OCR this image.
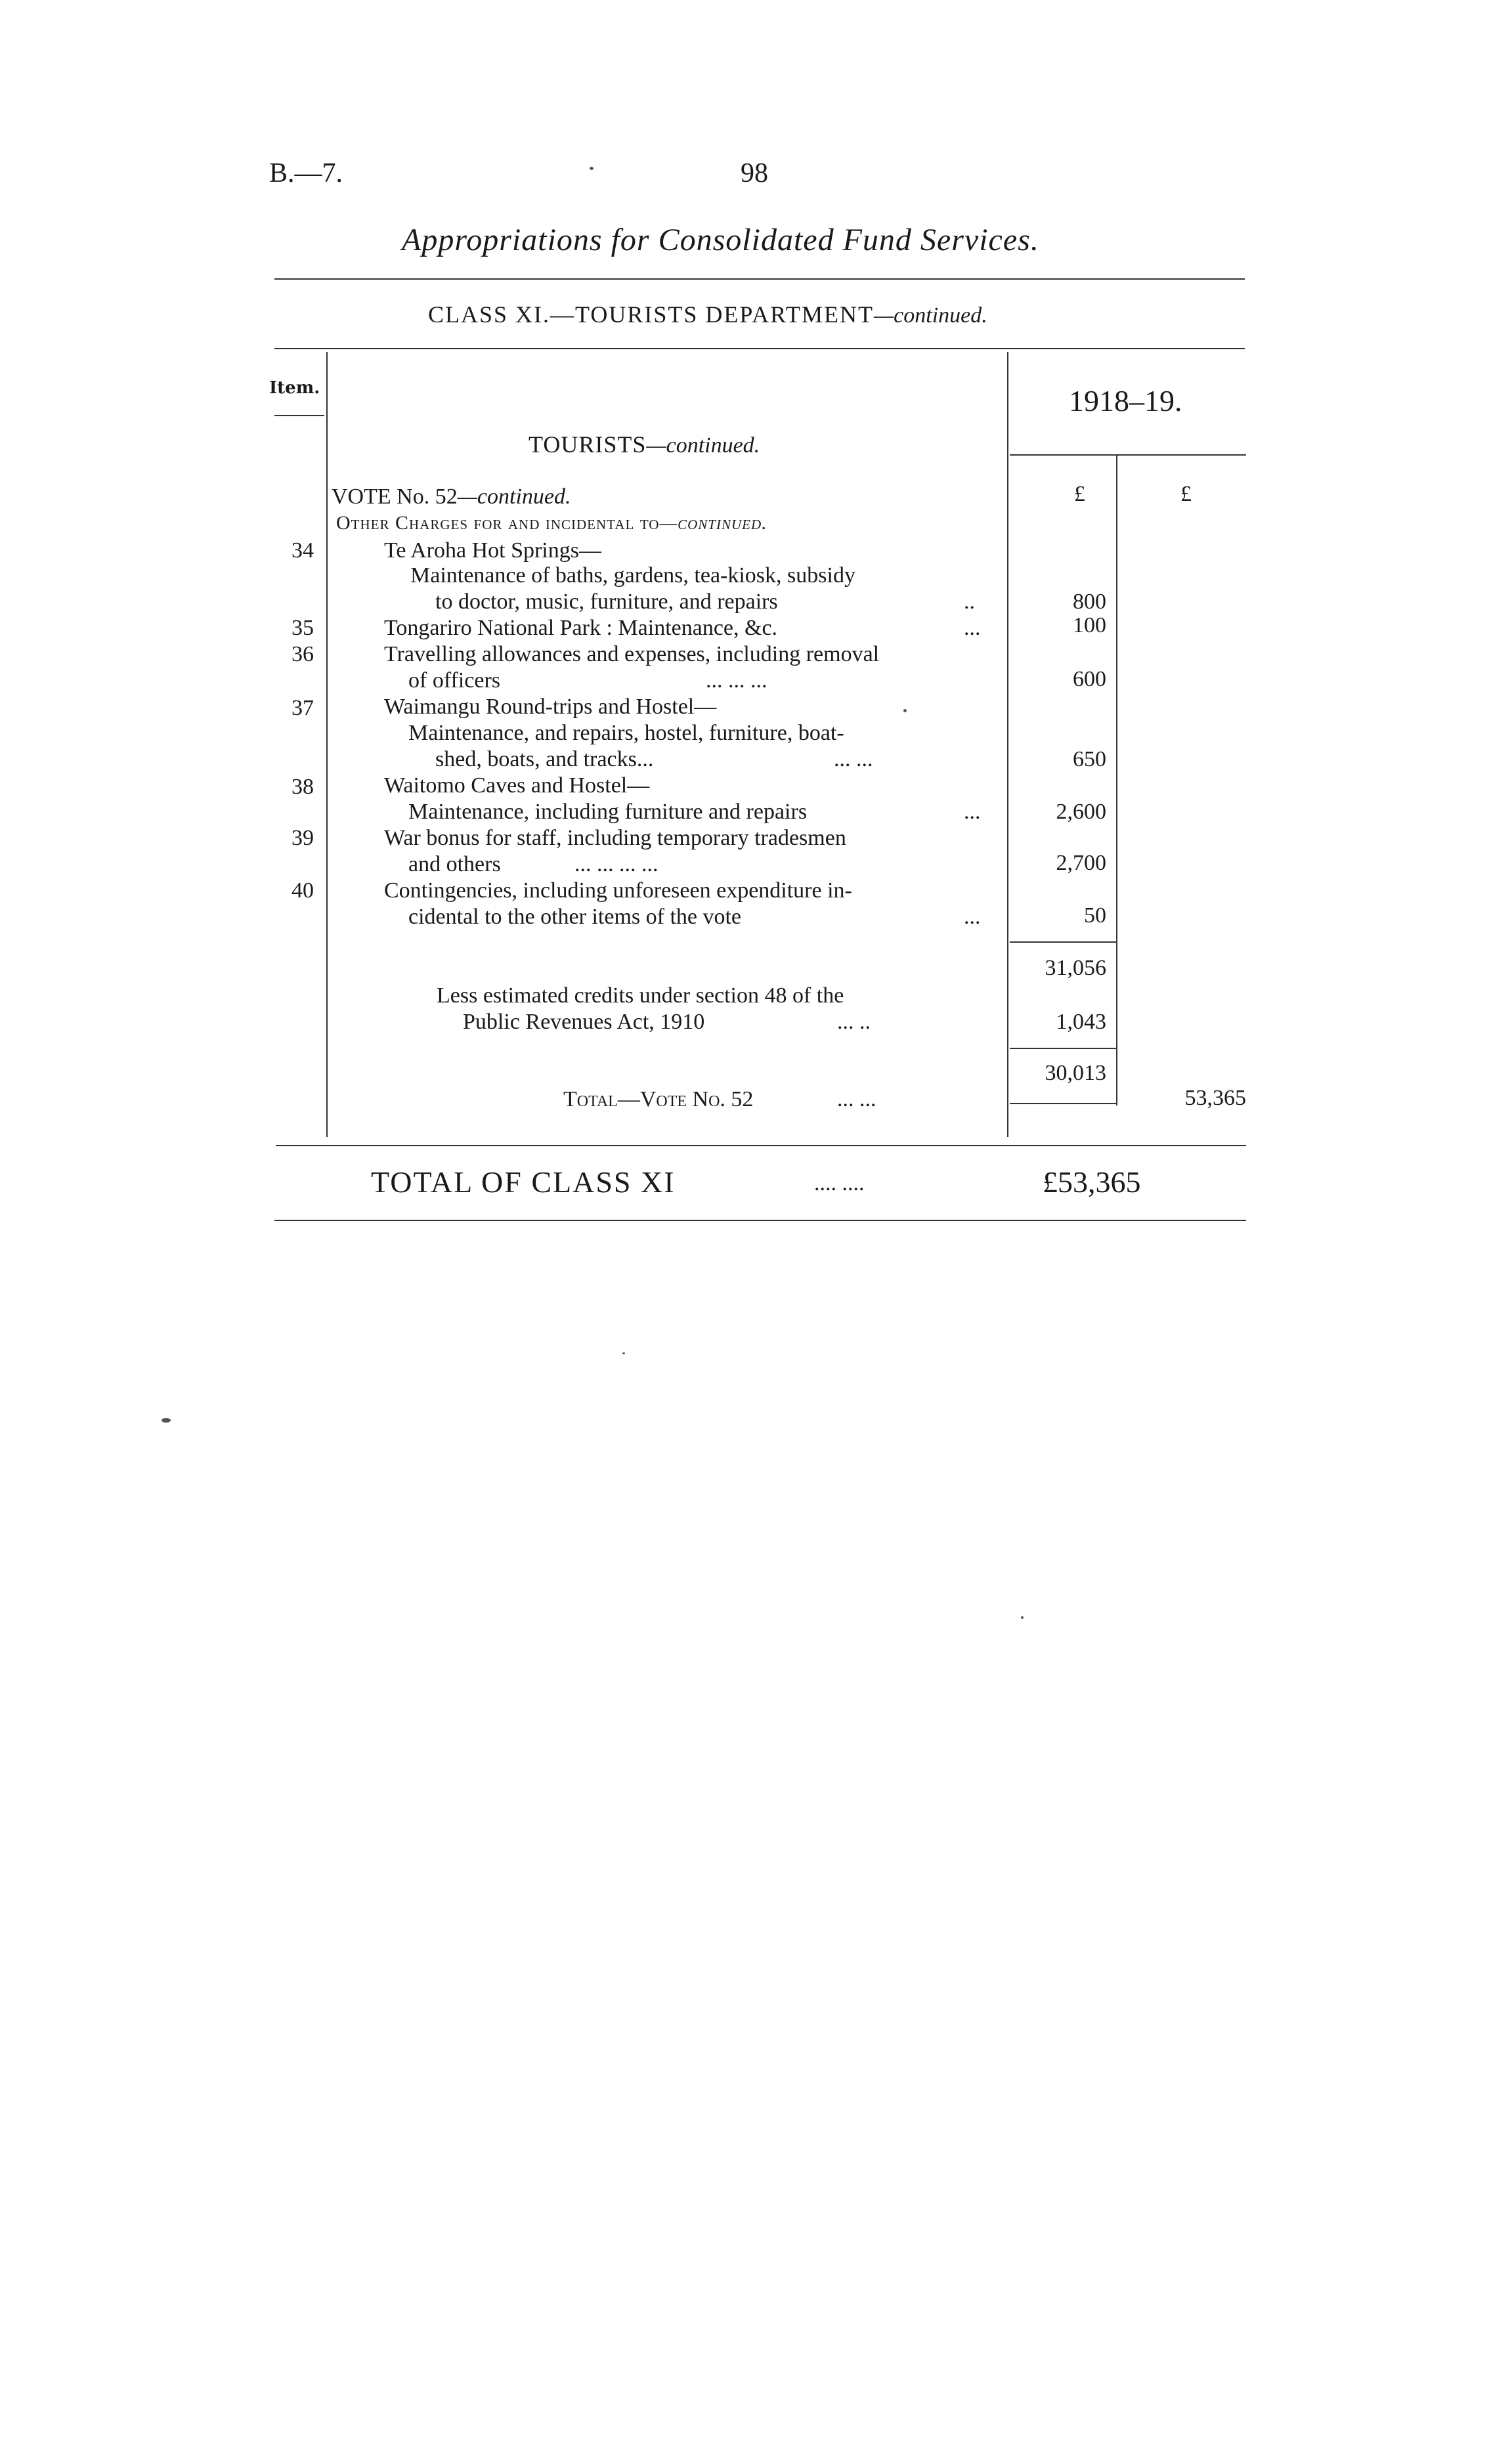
B.—7.	98
Appropriations for Consolidated Fund Services.
CLASS XI.—TOURISTS DEPARTMENT—continued.
Item.	1918–19.
£	£
TOURISTS—continued.
VOTE No. 52—continued.
Other Charges for and incidental to—continued.
34	Te Aroha Hot Springs—
Maintenance of baths, gardens, tea-kiosk, subsidy
to doctor, music, furniture, and repairs	..	800
35	Tongariro National Park : Maintenance, &c.	...	100
36	Travelling allowances and expenses, including removal
of officers	... ... ...	600
37	Waimangu Round-trips and Hostel—
Maintenance, and repairs, hostel, furniture, boat-
shed, boats, and tracks...	... ...	650
38	Waitomo Caves and Hostel—
Maintenance, including furniture and repairs	...	2,600
39	War bonus for staff, including temporary tradesmen
and others	... ... ... ...	2,700
40	Contingencies, including unforeseen expenditure in-
cidental to the other items of the vote	...	50
31,056
Less estimated credits under section 48 of the
Public Revenues Act, 1910	... ..	1,043
30,013
Total—Vote No. 52	... ...	53,365
TOTAL OF CLASS XI	.... ....	£53,365
